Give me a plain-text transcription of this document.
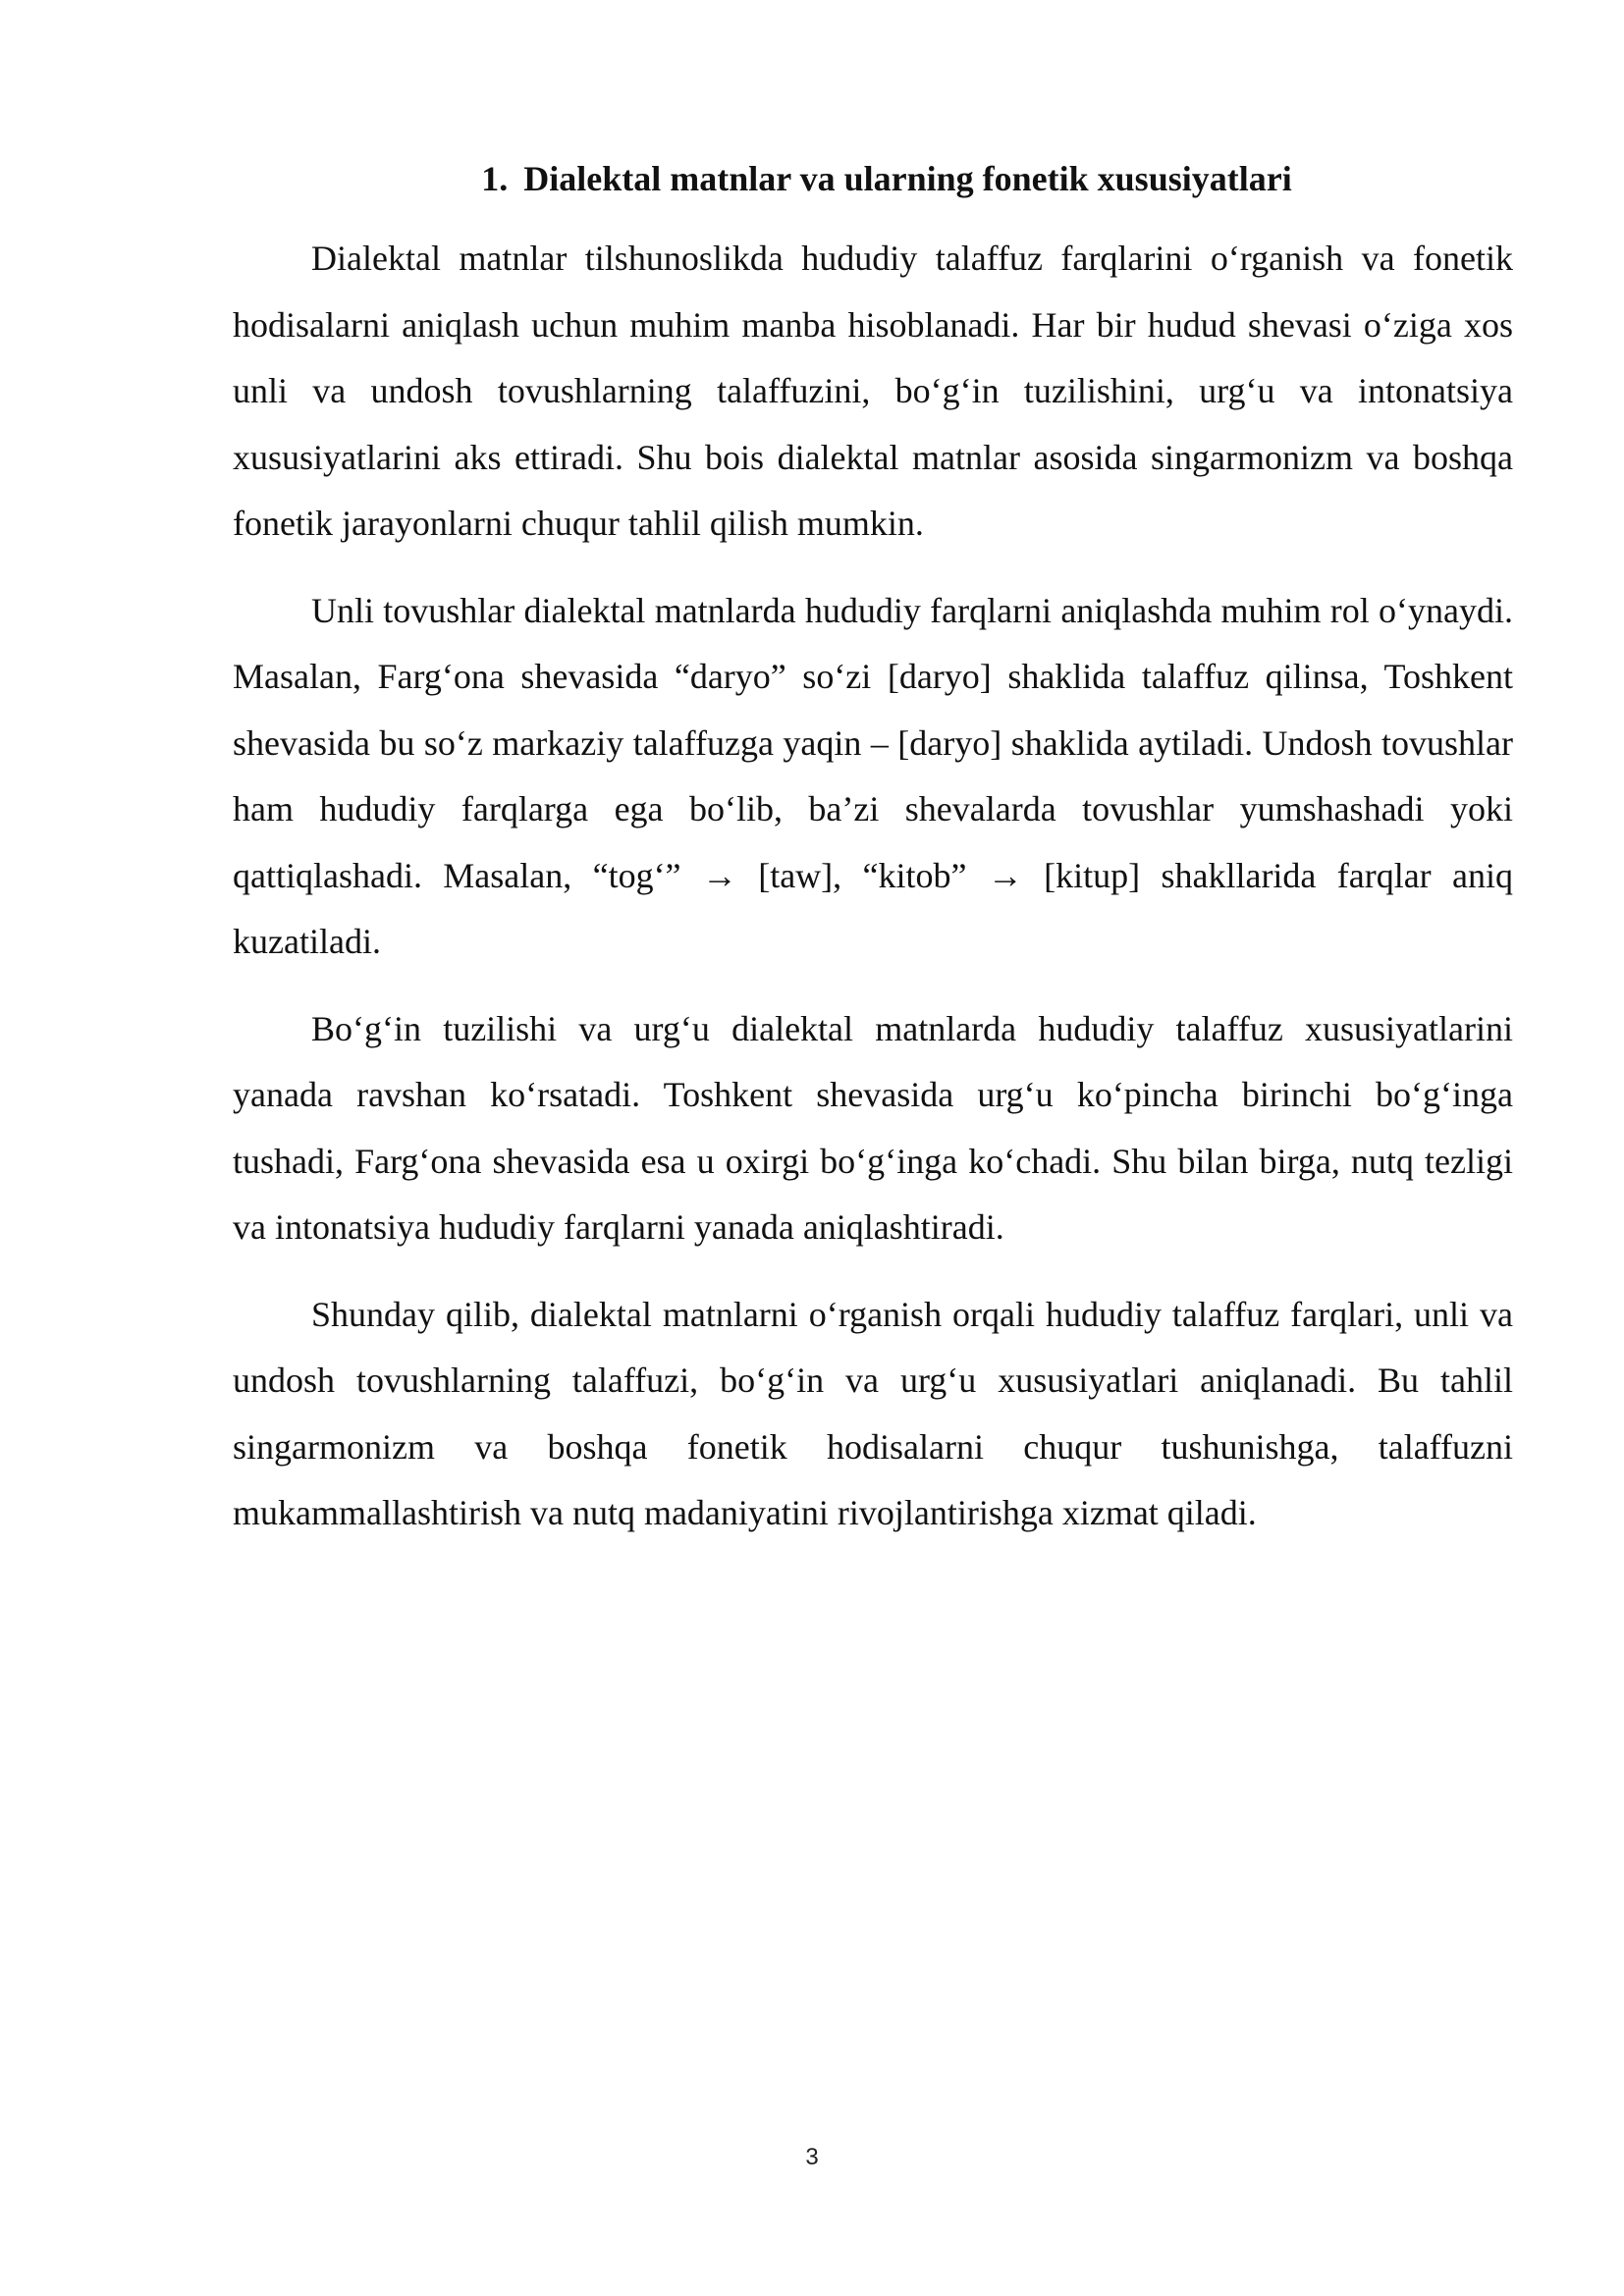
1. Dialektal matnlar va ularning fonetik xususiyatlari

Dialektal matnlar tilshunoslikda hududiy talaffuz farqlarini o‘rganish va fonetik hodisalarni aniqlash uchun muhim manba hisoblanadi. Har bir hudud shevasi o‘ziga xos unli va undosh tovushlarning talaffuzini, bo‘g‘in tuzilishini, urg‘u va intonatsiya xususiyatlarini aks ettiradi. Shu bois dialektal matnlar asosida singarmonizm va boshqa fonetik jarayonlarni chuqur tahlil qilish mumkin.

Unli tovushlar dialektal matnlarda hududiy farqlarni aniqlashda muhim rol o‘ynaydi. Masalan, Farg‘ona shevasida “daryo” so‘zi [daryo] shaklida talaffuz qilinsa, Toshkent shevasida bu so‘z markaziy talaffuzga yaqin – [daryo] shaklida aytiladi. Undosh tovushlar ham hududiy farqlarga ega bo‘lib, ba’zi shevalarda tovushlar yumshashadi yoki qattiqlashadi. Masalan, “tog‘” → [taw], “kitob” → [kitup] shakllarida farqlar aniq kuzatiladi.

Bo‘g‘in tuzilishi va urg‘u dialektal matnlarda hududiy talaffuz xususiyatlarini yanada ravshan ko‘rsatadi. Toshkent shevasida urg‘u ko‘pincha birinchi bo‘g‘inga tushadi, Farg‘ona shevasida esa u oxirgi bo‘g‘inga ko‘chadi. Shu bilan birga, nutq tezligi va intonatsiya hududiy farqlarni yanada aniqlashtiradi.

Shunday qilib, dialektal matnlarni o‘rganish orqali hududiy talaffuz farqlari, unli va undosh tovushlarning talaffuzi, bo‘g‘in va urg‘u xususiyatlari aniqlanadi. Bu tahlil singarmonizm va boshqa fonetik hodisalarni chuqur tushunishga, talaffuzni mukammallashtirish va nutq madaniyatini rivojlantirishga xizmat qiladi.

3
